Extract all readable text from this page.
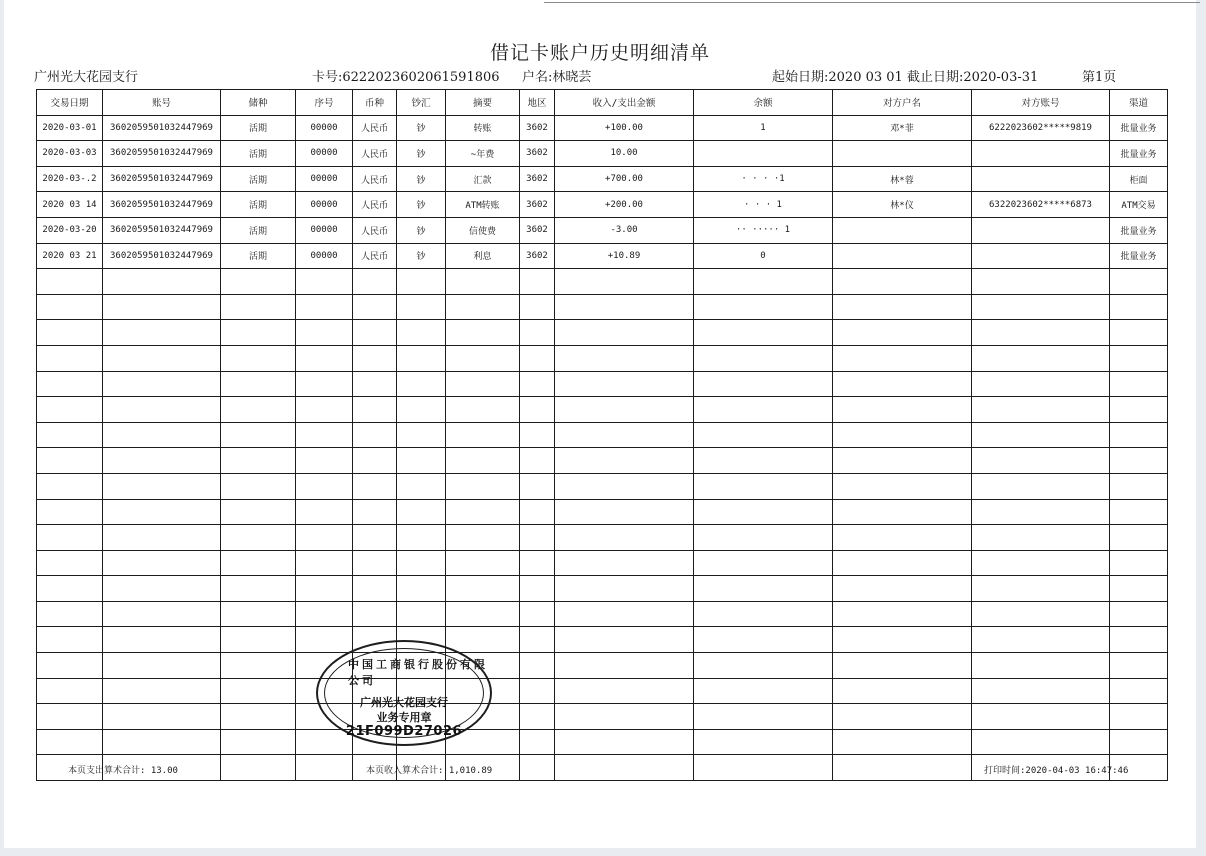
借记卡账户历史明细清单
广州光大花园支行	卡号:6222023602061591806 户名:林晓芸	起始日期:2020 03 01 截止日期:2020-03-31	第1页
交易日期	账号	储种	序号	币种	钞汇	摘要	地区	收入/支出金额	余额	对方户名	对方账号	渠道
2020-03-01	3602059501032447969	活期	00000	人民币	钞	转账	3602	+100.00	1	邓*菲	6222023602*****9819	批量业务
2020-03-03	3602059501032447969	活期	00000	人民币	钞	~年费	3602	10.00				批量业务
2020-03-.2	3602059501032447969	活期	00000	人民币	钞	汇款	3602	+700.00	· · · ·1	林*蓉		柜面
2020 03 14	3602059501032447969	活期	00000	人民币	钞	ATM转账	3602	+200.00	· · · 1	林*仪	6322023602*****6873	ATM交易
2020-03-20	3602059501032447969	活期	00000	人民币	钞	信使费	3602	-3.00	·· ····· 1			批量业务
2020 03 21	3602059501032447969	活期	00000	人民币	钞	利息	3602	+10.89	0			批量业务

本页支出算术合计: 13.00	本页收入算术合计: 1,010.89	打印时间:2020-04-03 16:47:46
中国工商银行股份有限公司
广州光大花园支行
业务专用章
21F099D27026
